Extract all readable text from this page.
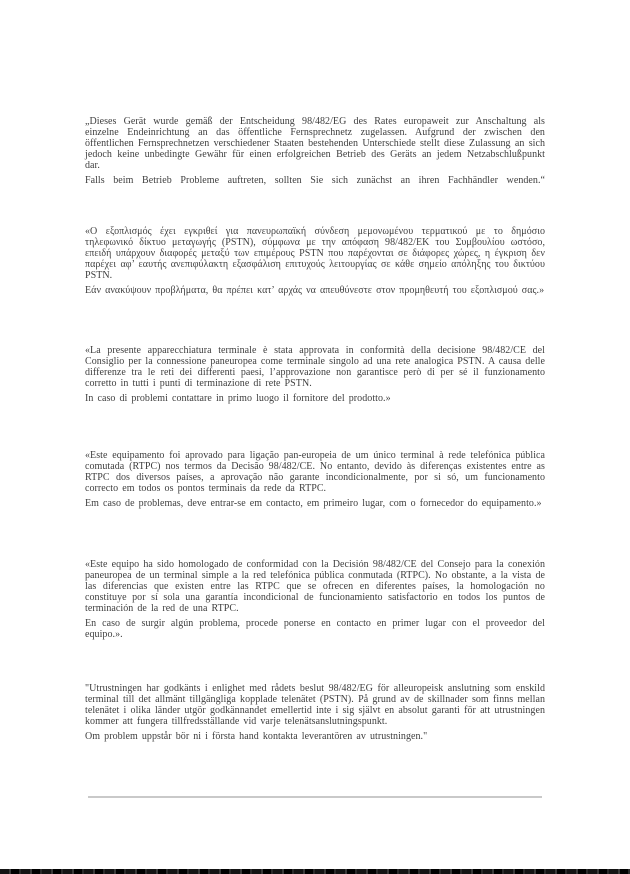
„Dieses Gerät wurde gemäß der Entscheidung 98/482/EG des Rates europaweit zur Anschaltung als einzelne Endeinrichtung an das öffentliche Fernsprechnetz zugelassen. Aufgrund der zwischen den öffentlichen Fernsprechnetzen verschiedener Staaten bestehenden Unterschiede stellt diese Zulassung an sich jedoch keine unbedingte Gewähr für einen erfolgreichen Betrieb des Geräts an jedem Netzabschlußpunkt dar.

Falls beim Betrieb Probleme auftreten, sollten Sie sich zunächst an ihren Fachhändler wenden.“

«Ο εξοπλισμός έχει εγκριθεί για πανευρωπαϊκή σύνδεση μεμονωμένου τερματικού με το δημόσιο τηλεφωνικό δίκτυο μεταγωγής (PSTN), σύμφωνα με την απόφαση 98/482/ΕΚ του Συμβουλίου ωστόσο, επειδή υπάρχουν διαφορές μεταξύ των επιμέρους PSTN που παρέχονται σε διάφορες χώρες, η έγκριση δεν παρέχει αφ’ εαυτής ανεπιφύλακτη εξασφάλιση επιτυχούς λειτουργίας σε κάθε σημείο απόληξης του δικτύου PSTN.

Εάν ανακύψουν προβλήματα, θα πρέπει κατ’ αρχάς να απευθύνεστε στον προμηθευτή του εξοπλισμού σας.»

«La presente apparecchiatura terminale è stata approvata in conformità della decisione 98/482/CE del Consiglio per la connessione paneuropea come terminale singolo ad una rete analogica PSTN. A causa delle differenze tra le reti dei differenti paesi, l’approvazione non garantisce però di per sé il funzionamento corretto in tutti i punti di terminazione di rete PSTN.

In caso di problemi contattare in primo luogo il fornitore del prodotto.»

«Este equipamento foi aprovado para ligação pan-europeia de um único terminal à rede telefónica pública comutada (RTPC) nos termos da Decisão 98/482/CE. No entanto, devido às diferenças existentes entre as RTPC dos diversos países, a aprovação não garante incondicionalmente, por si só, um funcionamento correcto em todos os pontos terminais da rede da RTPC.

Em caso de problemas, deve entrar-se em contacto, em primeiro lugar, com o fornecedor do equipamento.»

«Este equipo ha sido homologado de conformidad con la Decisión 98/482/CE del Consejo para la conexión paneuropea de un terminal simple a la red telefónica pública conmutada (RTPC). No obstante, a la vista de las diferencias que existen entre las RTPC que se ofrecen en diferentes países, la homologación no constituye por sí sola una garantía incondicional de funcionamiento satisfactorio en todos los puntos de terminación de la red de una RTPC.

En caso de surgir algún problema, procede ponerse en contacto en primer lugar con el proveedor del equipo.».

"Utrustningen har godkänts i enlighet med rådets beslut 98/482/EG för alleuropeisk anslutning som enskild terminal till det allmänt tillgängliga kopplade telenätet (PSTN). På grund av de skillnader som finns mellan telenätet i olika länder utgör godkännandet emellertid inte i sig självt en absolut garanti för att utrustningen kommer att fungera tillfredsställande vid varje telenätsanslutningspunkt.

Om problem uppstår bör ni i första hand kontakta leverantören av utrustningen."
